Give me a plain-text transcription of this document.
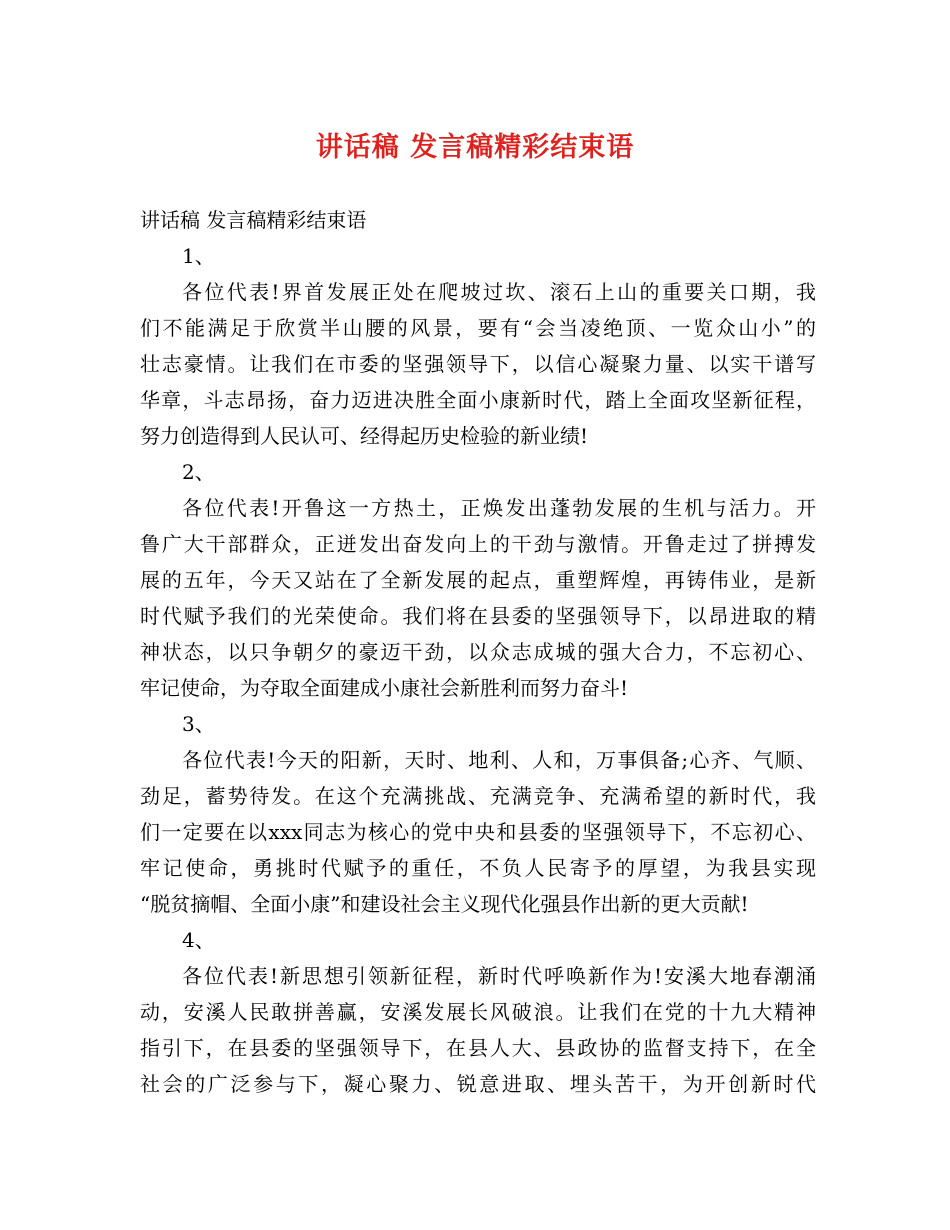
讲话稿 发言稿精彩结束语
讲话稿 发言稿精彩结束语
1、
各位代表!界首发展正处在爬坡过坎、滚石上山的重要关口期，我
们不能满足于欣赏半山腰的风景，要有“会当凌绝顶、一览众山小”的
壮志豪情。让我们在市委的坚强领导下，以信心凝聚力量、以实干谱写
华章，斗志昂扬，奋力迈进决胜全面小康新时代，踏上全面攻坚新征程，
努力创造得到人民认可、经得起历史检验的新业绩!
2、
各位代表!开鲁这一方热土，正焕发出蓬勃发展的生机与活力。开
鲁广大干部群众，正迸发出奋发向上的干劲与激情。开鲁走过了拼搏发
展的五年，今天又站在了全新发展的起点，重塑辉煌，再铸伟业，是新
时代赋予我们的光荣使命。我们将在县委的坚强领导下，以昂进取的精
神状态，以只争朝夕的豪迈干劲，以众志成城的强大合力，不忘初心、
牢记使命，为夺取全面建成小康社会新胜利而努力奋斗!
3、
各位代表!今天的阳新，天时、地利、人和，万事俱备;心齐、气顺、
劲足，蓄势待发。在这个充满挑战、充满竞争、充满希望的新时代，我
们一定要在以xxx同志为核心的党中央和县委的坚强领导下，不忘初心、
牢记使命，勇挑时代赋予的重任，不负人民寄予的厚望，为我县实现
“脱贫摘帽、全面小康”和建设社会主义现代化强县作出新的更大贡献!
4、
各位代表!新思想引领新征程，新时代呼唤新作为!安溪大地春潮涌
动，安溪人民敢拼善赢，安溪发展长风破浪。让我们在党的十九大精神
指引下，在县委的坚强领导下，在县人大、县政协的监督支持下，在全
社会的广泛参与下，凝心聚力、锐意进取、埋头苦干，为开创新时代
